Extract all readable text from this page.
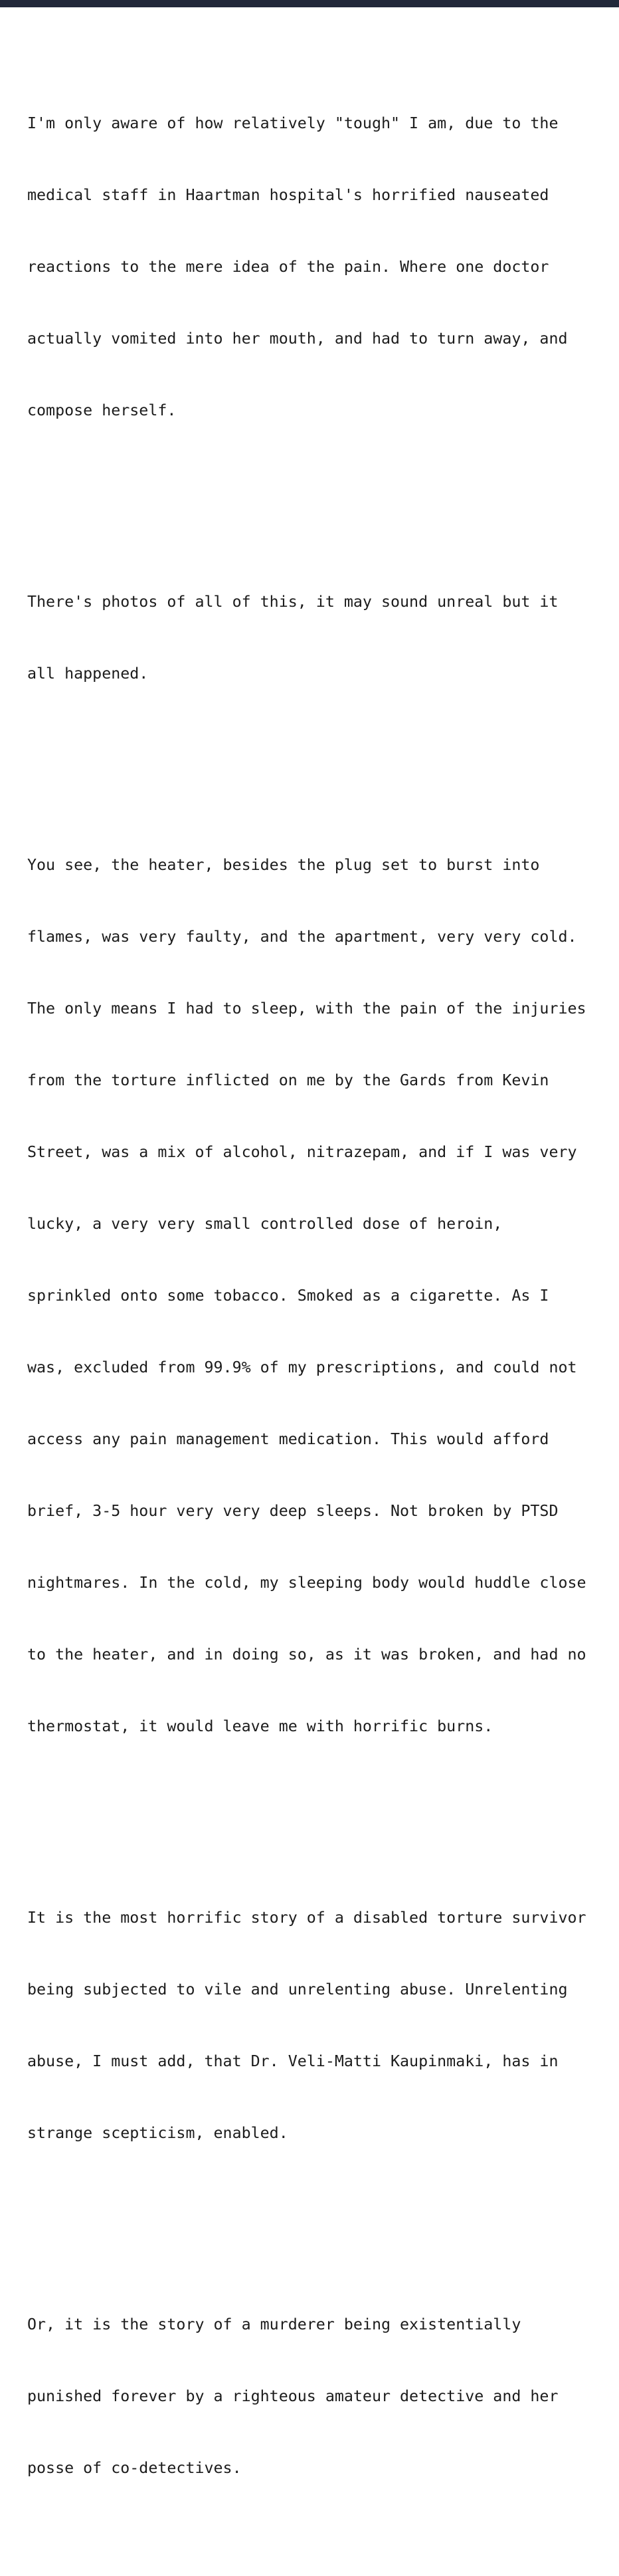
I'm only aware of how relatively "tough" I am, due to the

medical staff in Haartman hospital's horrified nauseated

reactions to the mere idea of the pain. Where one doctor

actually vomited into her mouth, and had to turn away, and

compose herself.

There's photos of all of this, it may sound unreal but it

all happened.

You see, the heater, besides the plug set to burst into

flames, was very faulty, and the apartment, very very cold.

The only means I had to sleep, with the pain of the injuries

from the torture inflicted on me by the Gards from Kevin

Street, was a mix of alcohol, nitrazepam, and if I was very

lucky, a very very small controlled dose of heroin,

sprinkled onto some tobacco. Smoked as a cigarette. As I

was, excluded from 99.9% of my prescriptions, and could not

access any pain management medication. This would afford

brief, 3-5 hour very very deep sleeps. Not broken by PTSD

nightmares. In the cold, my sleeping body would huddle close

to the heater, and in doing so, as it was broken, and had no

thermostat, it would leave me with horrific burns.

It is the most horrific story of a disabled torture survivor

being subjected to vile and unrelenting abuse. Unrelenting

abuse, I must add, that Dr. Veli-Matti Kaupinmaki, has in

strange scepticism, enabled.

Or, it is the story of a murderer being existentially

punished forever by a righteous amateur detective and her

posse of co-detectives.
